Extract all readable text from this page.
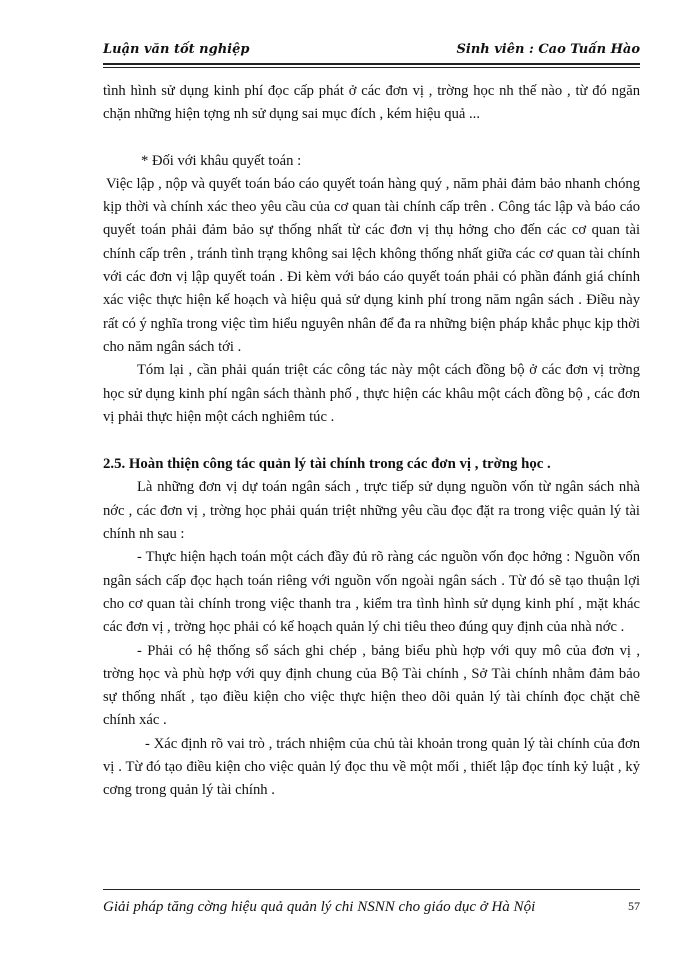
Luận văn tốt nghiệp	Sinh viên : Cao Tuấn Hào

tình hình sử dụng kinh phí đọc cấp phát ở các đơn vị , trờng học nh thế nào , từ đó ngăn chặn những hiện tợng nh sử dụng sai mục đích , kém hiệu quả ...

* Đối với khâu quyết toán :

Việc lập , nộp và quyết toán báo cáo quyết toán hàng quý , năm phải đảm bảo nhanh chóng kịp thời và chính xác theo yêu cầu của cơ quan tài chính cấp trên . Công tác lập và báo cáo quyết toán phải đảm bảo sự thống nhất từ các đơn vị thụ hởng cho đến các cơ quan tài chính cấp trên , tránh tình trạng không sai lệch không thống nhất giữa các cơ quan tài chính với các đơn vị lập quyết toán . Đi kèm với báo cáo quyết toán phải có phần đánh giá chính xác việc thực hiện kế hoạch và hiệu quả sử dụng kinh phí trong năm ngân sách . Điều này rất có ý nghĩa trong việc tìm hiểu nguyên nhân để đa ra những biện pháp khắc phục kịp thời cho năm ngân sách tới .

Tóm lại , cần phải quán triệt các công tác này một cách đồng bộ ở các đơn vị trờng học sử dụng kinh phí ngân sách thành phố , thực hiện các khâu một cách đồng bộ , các đơn vị phải thực hiện một cách nghiêm túc .

2.5. Hoàn thiện công tác quản lý tài chính trong các đơn vị , trờng học .

Là những đơn vị dự toán ngân sách , trực tiếp sử dụng nguồn vốn từ ngân sách nhà nớc , các đơn vị , trờng học phải quán triệt những yêu cầu đọc đặt ra trong việc quản lý tài chính nh sau :

- Thực hiện hạch toán một cách đầy đủ rõ ràng các nguồn vốn đọc hởng : Nguồn vốn ngân sách cấp đọc hạch toán riêng với nguồn vốn ngoài ngân sách . Từ đó sẽ tạo thuận lợi cho cơ quan tài chính trong việc thanh tra , kiểm tra tình hình sử dụng kinh phí , mặt khác các đơn vị , trờng học phải có kế hoạch quản lý chi tiêu theo đúng quy định của nhà nớc .

- Phải có hệ thống sổ sách ghi chép , bảng biểu phù hợp với quy mô của đơn vị , trờng học và phù hợp với quy định chung của Bộ Tài chính , Sở Tài chính nhằm đảm bảo sự thống nhất , tạo điều kiện cho việc thực hiện theo dõi quản lý tài chính đọc chặt chẽ chính xác .

- Xác định rõ vai trò , trách nhiệm của chủ tài khoản trong quản lý tài chính của đơn vị . Từ đó tạo điều kiện cho việc quản lý đọc thu về một mối , thiết lập đọc tính kỷ luật , kỷ cơng trong quản lý tài chính .

Giải pháp tăng cờng hiệu quả quản lý chi NSNN cho giáo dục ở Hà Nội	57
